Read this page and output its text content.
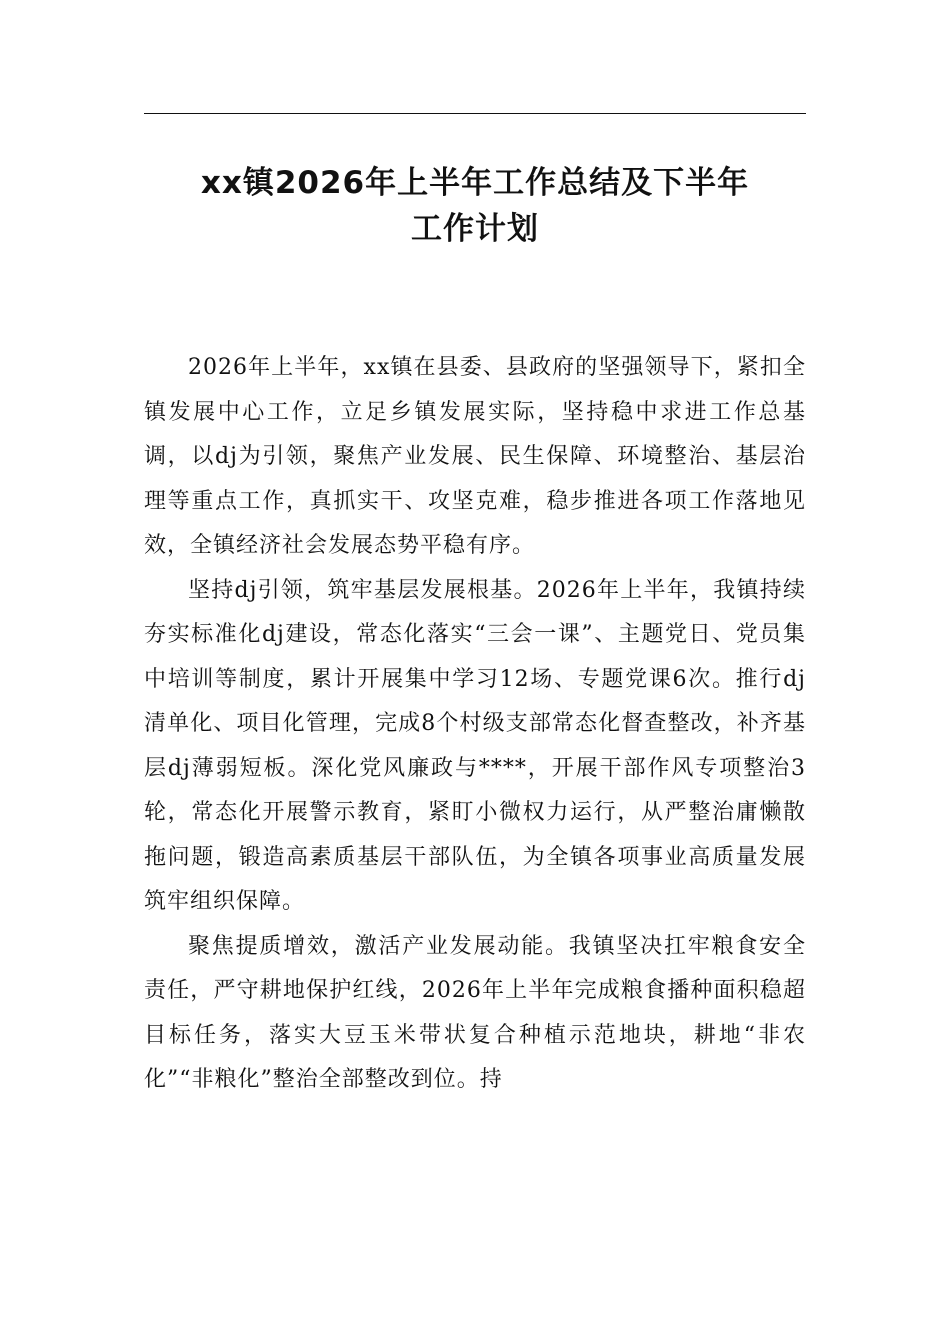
xx镇2026年上半年工作总结及下半年
工作计划

2026年上半年，xx镇在县委、县政府的坚强领导下，紧扣全镇发展中心工作，立足乡镇发展实际，坚持稳中求进工作总基调，以dj为引领，聚焦产业发展、民生保障、环境整治、基层治理等重点工作，真抓实干、攻坚克难，稳步推进各项工作落地见效，全镇经济社会发展态势平稳有序。

坚持dj引领，筑牢基层发展根基。2026年上半年，我镇持续夯实标准化dj建设，常态化落实“三会一课”、主题党日、党员集中培训等制度，累计开展集中学习12场、专题党课6次。推行dj清单化、项目化管理，完成8个村级支部常态化督查整改，补齐基层dj薄弱短板。深化党风廉政与****，开展干部作风专项整治3轮，常态化开展警示教育，紧盯小微权力运行，从严整治庸懒散拖问题，锻造高素质基层干部队伍，为全镇各项事业高质量发展筑牢组织保障。

聚焦提质增效，激活产业发展动能。我镇坚决扛牢粮食安全责任，严守耕地保护红线，2026年上半年完成粮食播种面积稳超目标任务，落实大豆玉米带状复合种植示范地块，耕地“非农化”“非粮化”整治全部整改到位。持
